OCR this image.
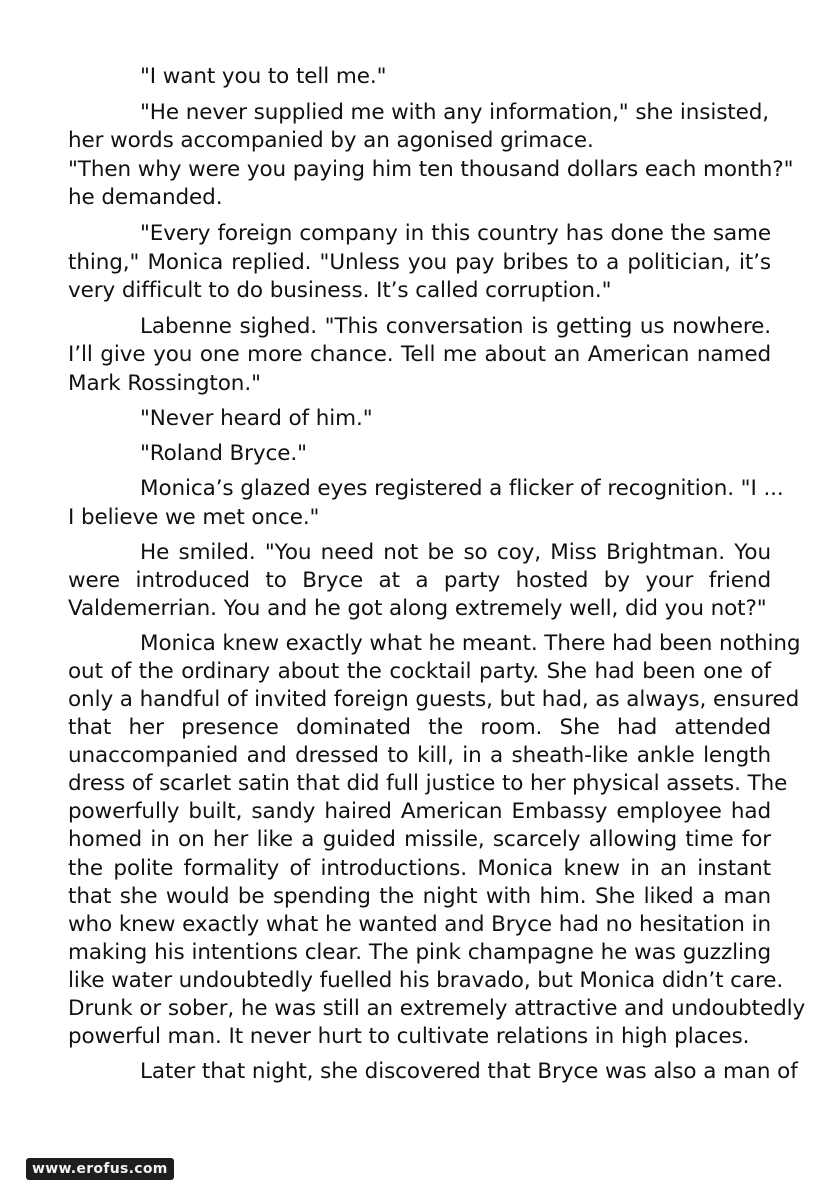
"I want you to tell me."
"He never supplied me with any information," she insisted,
her words accompanied by an agonised grimace.
"Then why were you paying him ten thousand dollars each month?"
he demanded.
"Every foreign company in this country has done the same
thing," Monica replied. "Unless you pay bribes to a politician, it’s
very difficult to do business. It’s called corruption."
Labenne sighed. "This conversation is getting us nowhere.
I’ll give you one more chance. Tell me about an American named
Mark Rossington."
"Never heard of him."
"Roland Bryce."
Monica’s glazed eyes registered a flicker of recognition. "I ...
I believe we met once."
He smiled. "You need not be so coy, Miss Brightman. You
were introduced to Bryce at a party hosted by your friend
Valdemerrian. You and he got along extremely well, did you not?"
Monica knew exactly what he meant. There had been nothing
out of the ordinary about the cocktail party. She had been one of
only a handful of invited foreign guests, but had, as always, ensured
that her presence dominated the room. She had attended
unaccompanied and dressed to kill, in a sheath-like ankle length
dress of scarlet satin that did full justice to her physical assets. The
powerfully built, sandy haired American Embassy employee had
homed in on her like a guided missile, scarcely allowing time for
the polite formality of introductions. Monica knew in an instant
that she would be spending the night with him. She liked a man
who knew exactly what he wanted and Bryce had no hesitation in
making his intentions clear. The pink champagne he was guzzling
like water undoubtedly fuelled his bravado, but Monica didn’t care.
Drunk or sober, he was still an extremely attractive and undoubtedly
powerful man. It never hurt to cultivate relations in high places.
Later that night, she discovered that Bryce was also a man of
www.erofus.com
